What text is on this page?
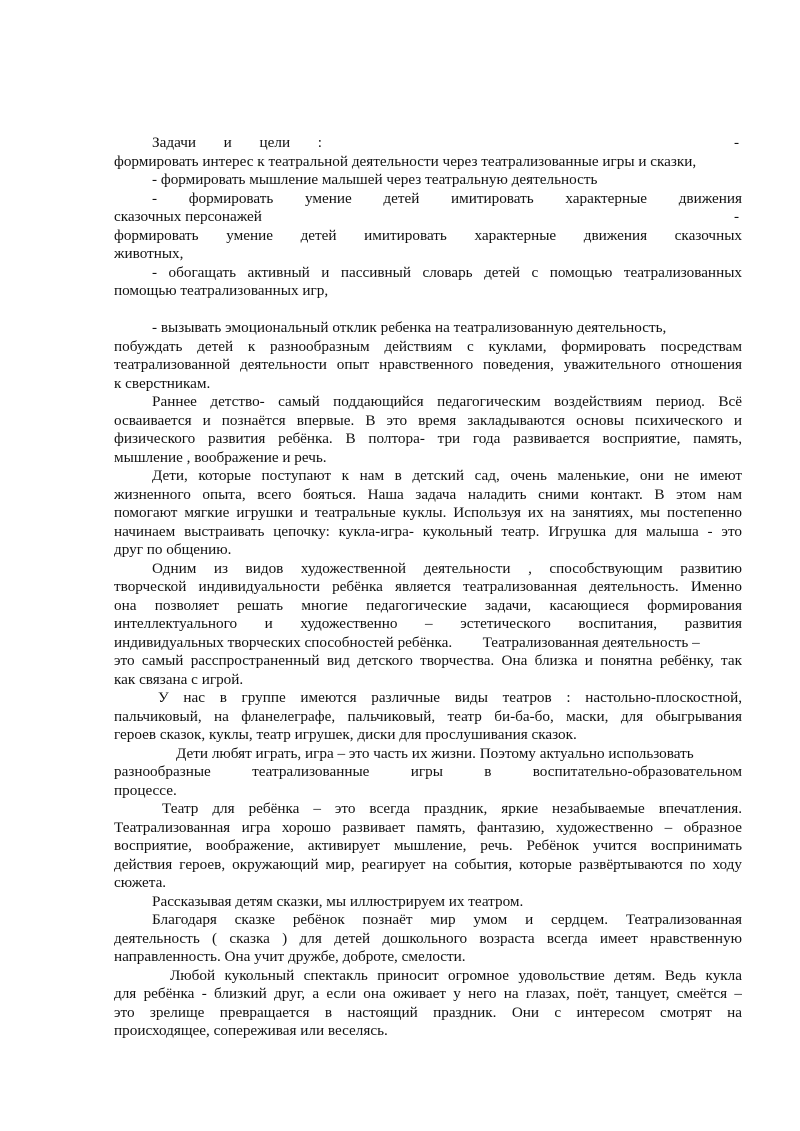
Задачи и цели :	-
формировать интерес к театральной деятельности через театрализованные игры и сказки,
- формировать мышление малышей через театральную деятельность
- формировать умение детей имитировать характерные движения
сказочных персонажей	-
формировать умение детей имитировать характерные движения сказочных
животных,
- обогащать активный и пассивный словарь детей с помощью театрализованных
помощью театрализованных игр,
- вызывать эмоциональный отклик ребенка на театрализованную деятельность,
побуждать детей к разнообразным действиям с куклами, формировать посредствам
театрализованной деятельности опыт нравственного поведения, уважительного отношения
к сверстникам.
Раннее детство- самый поддающийся педагогическим воздействиям период. Всё
осваивается и познаётся впервые. В это время закладываются основы психического и
физического развития ребёнка. В полтора- три года развивается восприятие, память,
мышление , воображение и речь.
Дети, которые поступают к нам в детский сад, очень маленькие, они не имеют
жизненного опыта, всего бояться. Наша задача наладить сними контакт. В этом нам
помогают мягкие игрушки и театральные куклы. Используя их на занятиях, мы постепенно
начинаем выстраивать цепочку: кукла-игра- кукольный театр. Игрушка для малыша - это
друг по общению.
Одним из видов художественной деятельности , способствующим развитию
творческой индивидуальности ребёнка является театрализованная деятельность. Именно
она позволяет решать многие педагогические задачи, касающиеся формирования
интеллектуального и художественно – эстетического воспитания, развития
индивидуальных творческих способностей ребёнка.        Театрализованная деятельность –
это самый расспространенный вид детского творчества. Она близка и понятна ребёнку, так
как связана с игрой.
У нас в группе имеются различные виды театров : настольно-плоскостной,
пальчиковый, на фланелеграфе, пальчиковый, театр би-ба-бо, маски, для обыгрывания
героев сказок, куклы, театр игрушек, диски для прослушивания сказок.
Дети любят играть, игра – это часть их жизни. Поэтому актуально использовать
разнообразные театрализованные игры в воспитательно-образовательном
процессе.
Театр для ребёнка – это всегда праздник, яркие незабываемые впечатления.
Театрализованная игра хорошо развивает память, фантазию, художественно – образное
восприятие, воображение, активирует мышление, речь. Ребёнок учится воспринимать
действия героев, окружающий мир, реагирует на события, которые развёртываются по ходу
сюжета.
Рассказывая детям сказки, мы иллюстрируем их театром.
Благодаря сказке ребёнок познаёт мир умом и сердцем. Театрализованная
деятельность ( сказка ) для детей дошкольного возраста всегда имеет нравственную
направленность. Она учит дружбе, доброте, смелости.
Любой кукольный спектакль приносит огромное удовольствие детям. Ведь кукла
для ребёнка - близкий друг, а если она оживает у него на глазах, поёт, танцует, смеётся –
это зрелище превращается в настоящий праздник. Они с интересом смотрят на
происходящее, сопереживая или веселясь.
